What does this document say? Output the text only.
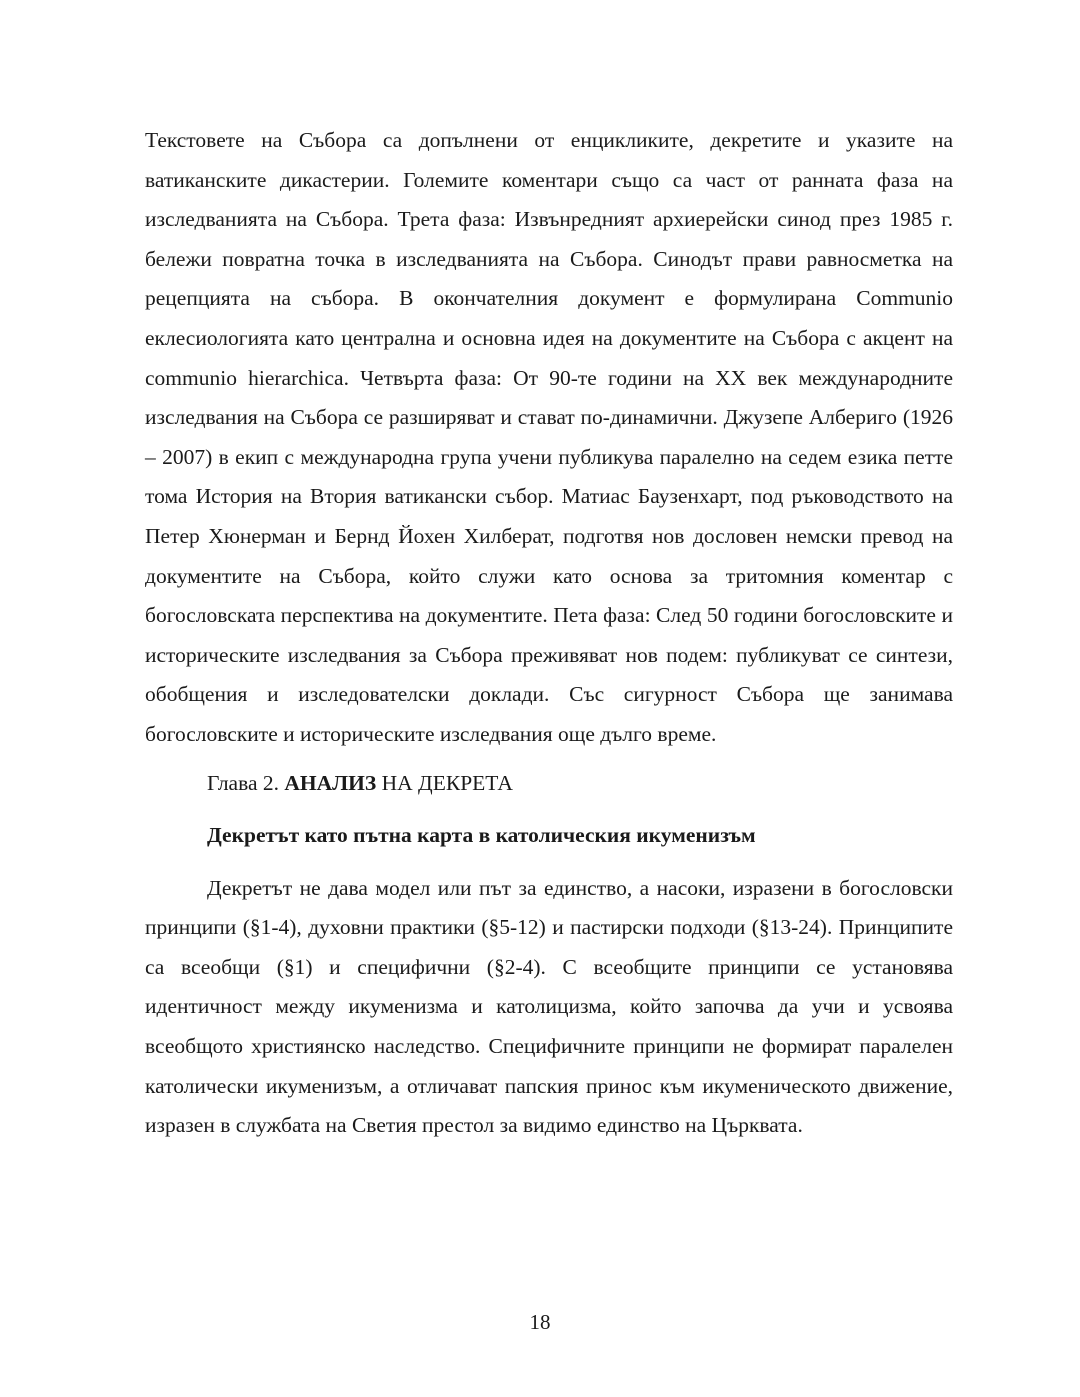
Текстовете на Събора са допълнени от енцикликите, декретите и указите на ватиканските дикастерии. Големите коментари също са част от ранната фаза на изследванията на Събора. Трета фаза: Извънредният архиерейски синод през 1985 г. бележи повратна точка в изследванията на Събора. Синодът прави равносметка на рецепцията на събора. В окончателния документ е формулирана Communio еклесиологията като централна и основна идея на документите на Събора с акцент на communio hierarchica. Четвърта фаза: От 90-те години на XX век международните изследвания на Събора се разширяват и стават по-динамични. Джузепе Алберигo (1926 – 2007) в екип с международна група учени публикува паралелно на седем езика петте тома История на Втория ватикански събор. Матиас Баузенхарт, под ръководството на Петер Хюнерман и Бернд Йохен Хилберат, подготвя нов дословен немски превод на документите на Събора, който служи като основа за тритомния коментар с богословската перспектива на документите. Пета фаза: След 50 години богословските и историческите изследвания за Събора преживяват нов подем: публикуват се синтези, обобщения и изследователски доклади. Със сигурност Събора ще занимава богословските и историческите изследвания още дълго време.

Глава 2. АНАЛИЗ НА ДЕКРЕТА

Декретът като пътна карта в католическия икуменизъм

Декретът не дава модел или път за единство, а насоки, изразени в богословски принципи (§1-4), духовни практики (§5-12) и пастирски подходи (§13-24). Принципите са всеобщи (§1) и специфични (§2-4). С всеобщите принципи се установява идентичност между икуменизма и католицизма, който започва да учи и усвоява всеобщото християнско наследство. Специфичните принципи не формират паралелен католически икуменизъм, а отличават папския принос към икуменическото движение, изразен в службата на Светия престол за видимо единство на Църквата.

18
